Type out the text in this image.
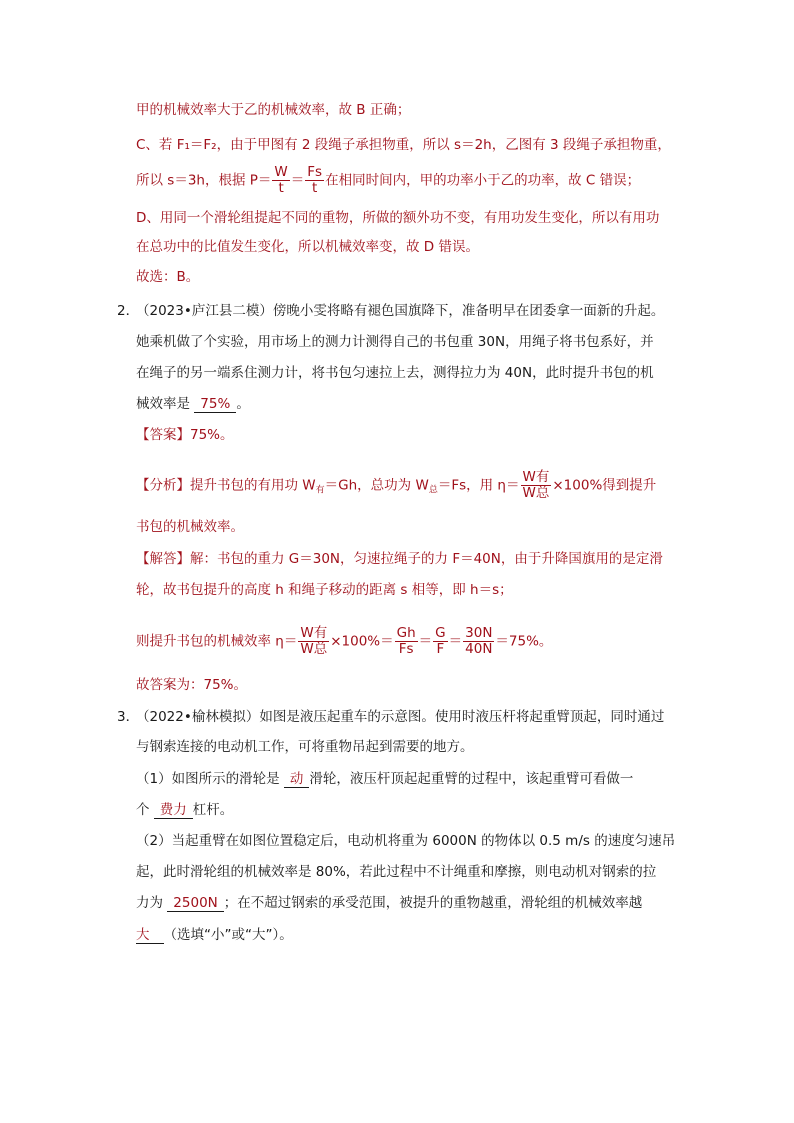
甲的机械效率大于乙的机械效率，故 B 正确；
C、若 F₁＝F₂，由于甲图有 2 段绳子承担物重，所以 s＝2h，乙图有 3 段绳子承担物重，
所以 s＝3h，根据 $P= \frac{W}{t} = \frac{Fs}{t}$ 在相同时间内，甲的功率小于乙的功率，故 C 错误；
D、用同一个滑轮组提起不同的重物，所做的额外功不变，有用功发生变化，所以有用功
在总功中的比值发生变化，所以机械效率变，故 D 错误。
故选：B。
2．
（2023•庐江县二模）傍晚小雯将略有褪色国旗降下，准备明早在团委拿一面新的升起。
她乘机做了个实验，用市场上的测力计测得自己的书包重 30N，用绳子将书包系好，并
在绳子的另一端系住测力计，将书包匀速拉上去，测得拉力为 40N，此时提升书包的机
械效率是 75% 。
【答案】75%。
【分析】提升书包的有用功 $W_有=Gh$，总功为 $W_总=Fs$，用 $\eta= \frac{\text{W有}}{\text{W总}} \times 100\%$得到提升
书包的机械效率。
【解答】解：书包的重力 G＝30N，匀速拉绳子的力 F＝40N，由于升降国旗用的是定滑
轮，故书包提升的高度 h 和绳子移动的距离 s 相等，即 h＝s；
则提升书包的机械效率 $\eta= \frac{\text{W有}}{\text{W总}} \times 100\%= \frac{Gh}{Fs} = \frac{G}{F} = \frac{30N}{40N} =75\%$。
故答案为：75%。
3．
（2022•榆林模拟）如图是液压起重车的示意图。使用时液压杆将起重臂顶起，同时通过
与钢索连接的电动机工作，可将重物吊起到需要的地方。
（1）如图所示的滑轮是 动 滑轮，液压杆顶起起重臂的过程中，该起重臂可看做一
个 费力 杠杆。
（2）当起重臂在如图位置稳定后，电动机将重为 6000N 的物体以 0.5 m/s 的速度匀速吊
起，此时滑轮组的机械效率是 80%，若此过程中不计绳重和摩擦，则电动机对钢索的拉
力为 2500N ；在不超过钢索的承受范围，被提升的重物越重，滑轮组的机械效率越
大 （选填“小”或“大”）。
